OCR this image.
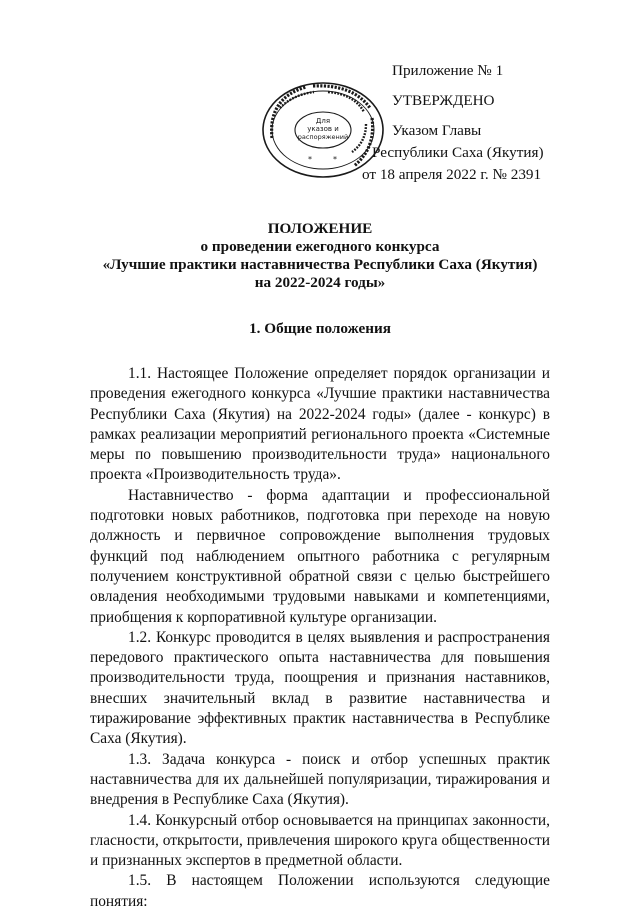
Приложение № 1
УТВЕРЖДЕНО
Указом Главы
Республики Саха (Якутия)
от 18 апреля 2022 г. № 2391
Для
указов и
распоряжений
*	*
ПОЛОЖЕНИЕ
о проведении ежегодного конкурса
«Лучшие практики наставничества Республики Саха (Якутия)
на 2022-2024 годы»
1. Общие положения

1.1. Настоящее Положение определяет порядок организации и проведения ежегодного конкурса «Лучшие практики наставничества Республики Саха (Якутия) на 2022-2024 годы» (далее - конкурс) в рамках реализации мероприятий регионального проекта «Системные меры по повышению производительности труда» национального проекта «Производительность труда».

Наставничество - форма адаптации и профессиональной подготовки новых работников, подготовка при переходе на новую должность и первичное сопровождение выполнения трудовых функций под наблюдением опытного работника с регулярным получением конструктивной обратной связи с целью быстрейшего овладения необходимыми трудовыми навыками и компетенциями, приобщения к корпоративной культуре организации.

1.2. Конкурс проводится в целях выявления и распространения передового практического опыта наставничества для повышения производительности труда, поощрения и признания наставников, внесших значительный вклад в развитие наставничества и тиражирование эффективных практик наставничества в Республике Саха (Якутия).

1.3. Задача конкурса - поиск и отбор успешных практик наставничества для их дальнейшей популяризации, тиражирования и внедрения в Республике Саха (Якутия).

1.4. Конкурсный отбор основывается на принципах законности, гласности, открытости, привлечения широкого круга общественности и признанных экспертов в предметной области.

1.5. В настоящем Положении используются следующие понятия:
